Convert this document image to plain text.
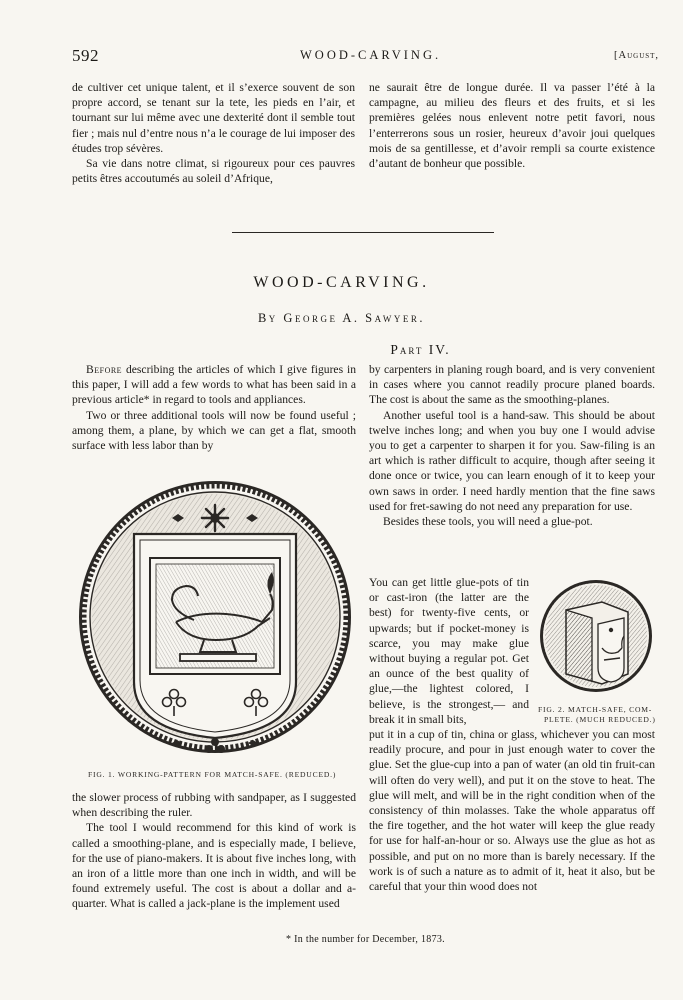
592	WOOD-CARVING.	[August,

de cultiver cet unique talent, et il s’exerce souvent de son propre accord, se tenant sur la tete, les pieds en l’air, et tournant sur lui même avec une dexterité dont il semble tout fier ; mais nul d’entre nous n’a le courage de lui imposer des études trop sévères.

Sa vie dans notre climat, si rigoureux pour ces pauvres petits êtres accoutumés au soleil d’Afrique,

ne saurait être de longue durée. Il va passer l’été à la campagne, au milieu des fleurs et des fruits, et si les premières gelées nous enlevent notre petit favori, nous l’enterrerons sous un rosier, heureux d’avoir joui quelques mois de sa gentillesse, et d’avoir rempli sa courte existence d’autant de bonheur que possible.

WOOD-CARVING.
By George A. Sawyer.
Part IV.

Before describing the articles of which I give figures in this paper, I will add a few words to what has been said in a previous article* in regard to tools and appliances.

Two or three additional tools will now be found useful ; among them, a plane, by which we can get a flat, smooth surface with less labor than by

FIG. 1. WORKING-PATTERN FOR MATCH-SAFE. (REDUCED.)

the slower process of rubbing with sandpaper, as I suggested when describing the ruler.

The tool I would recommend for this kind of work is called a smoothing-plane, and is especially made, I believe, for the use of piano-makers. It is about five inches long, with an iron of a little more than one inch in width, and will be found extremely useful. The cost is about a dollar and a-quarter. What is called a jack-plane is the implement used

by carpenters in planing rough board, and is very convenient in cases where you cannot readily procure planed boards. The cost is about the same as the smoothing-planes.

Another useful tool is a hand-saw. This should be about twelve inches long; and when you buy one I would advise you to get a carpenter to sharpen it for you. Saw-filing is an art which is rather difficult to acquire, though after seeing it done once or twice, you can learn enough of it to keep your own saws in order. I need hardly mention that the fine saws used for fret-sawing do not need any preparation for use.

Besides these tools, you will need a glue-pot.

You can get little glue-pots of tin or cast-iron (the latter are the best) for twenty-five cents, or upwards; but if pocket-money is scarce, you may make glue without buying a regular pot. Get an ounce of the best quality of glue,—the lightest colored, I believe, is the strongest,— and break it in small bits,

FIG. 2. MATCH-SAFE, COM-
PLETE. (MUCH REDUCED.)

put it in a cup of tin, china or glass, whichever you can most readily procure, and pour in just enough water to cover the glue. Set the glue-cup into a pan of water (an old tin fruit-can will often do very well), and put it on the stove to heat. The glue will melt, and will be in the right condition when of the consistency of thin molasses. Take the whole apparatus off the fire together, and the hot water will keep the glue ready for use for half-an-hour or so. Always use the glue as hot as possible, and put on no more than is barely necessary. If the work is of such a nature as to admit of it, heat it also, but be careful that your thin wood does not

* In the number for December, 1873.
